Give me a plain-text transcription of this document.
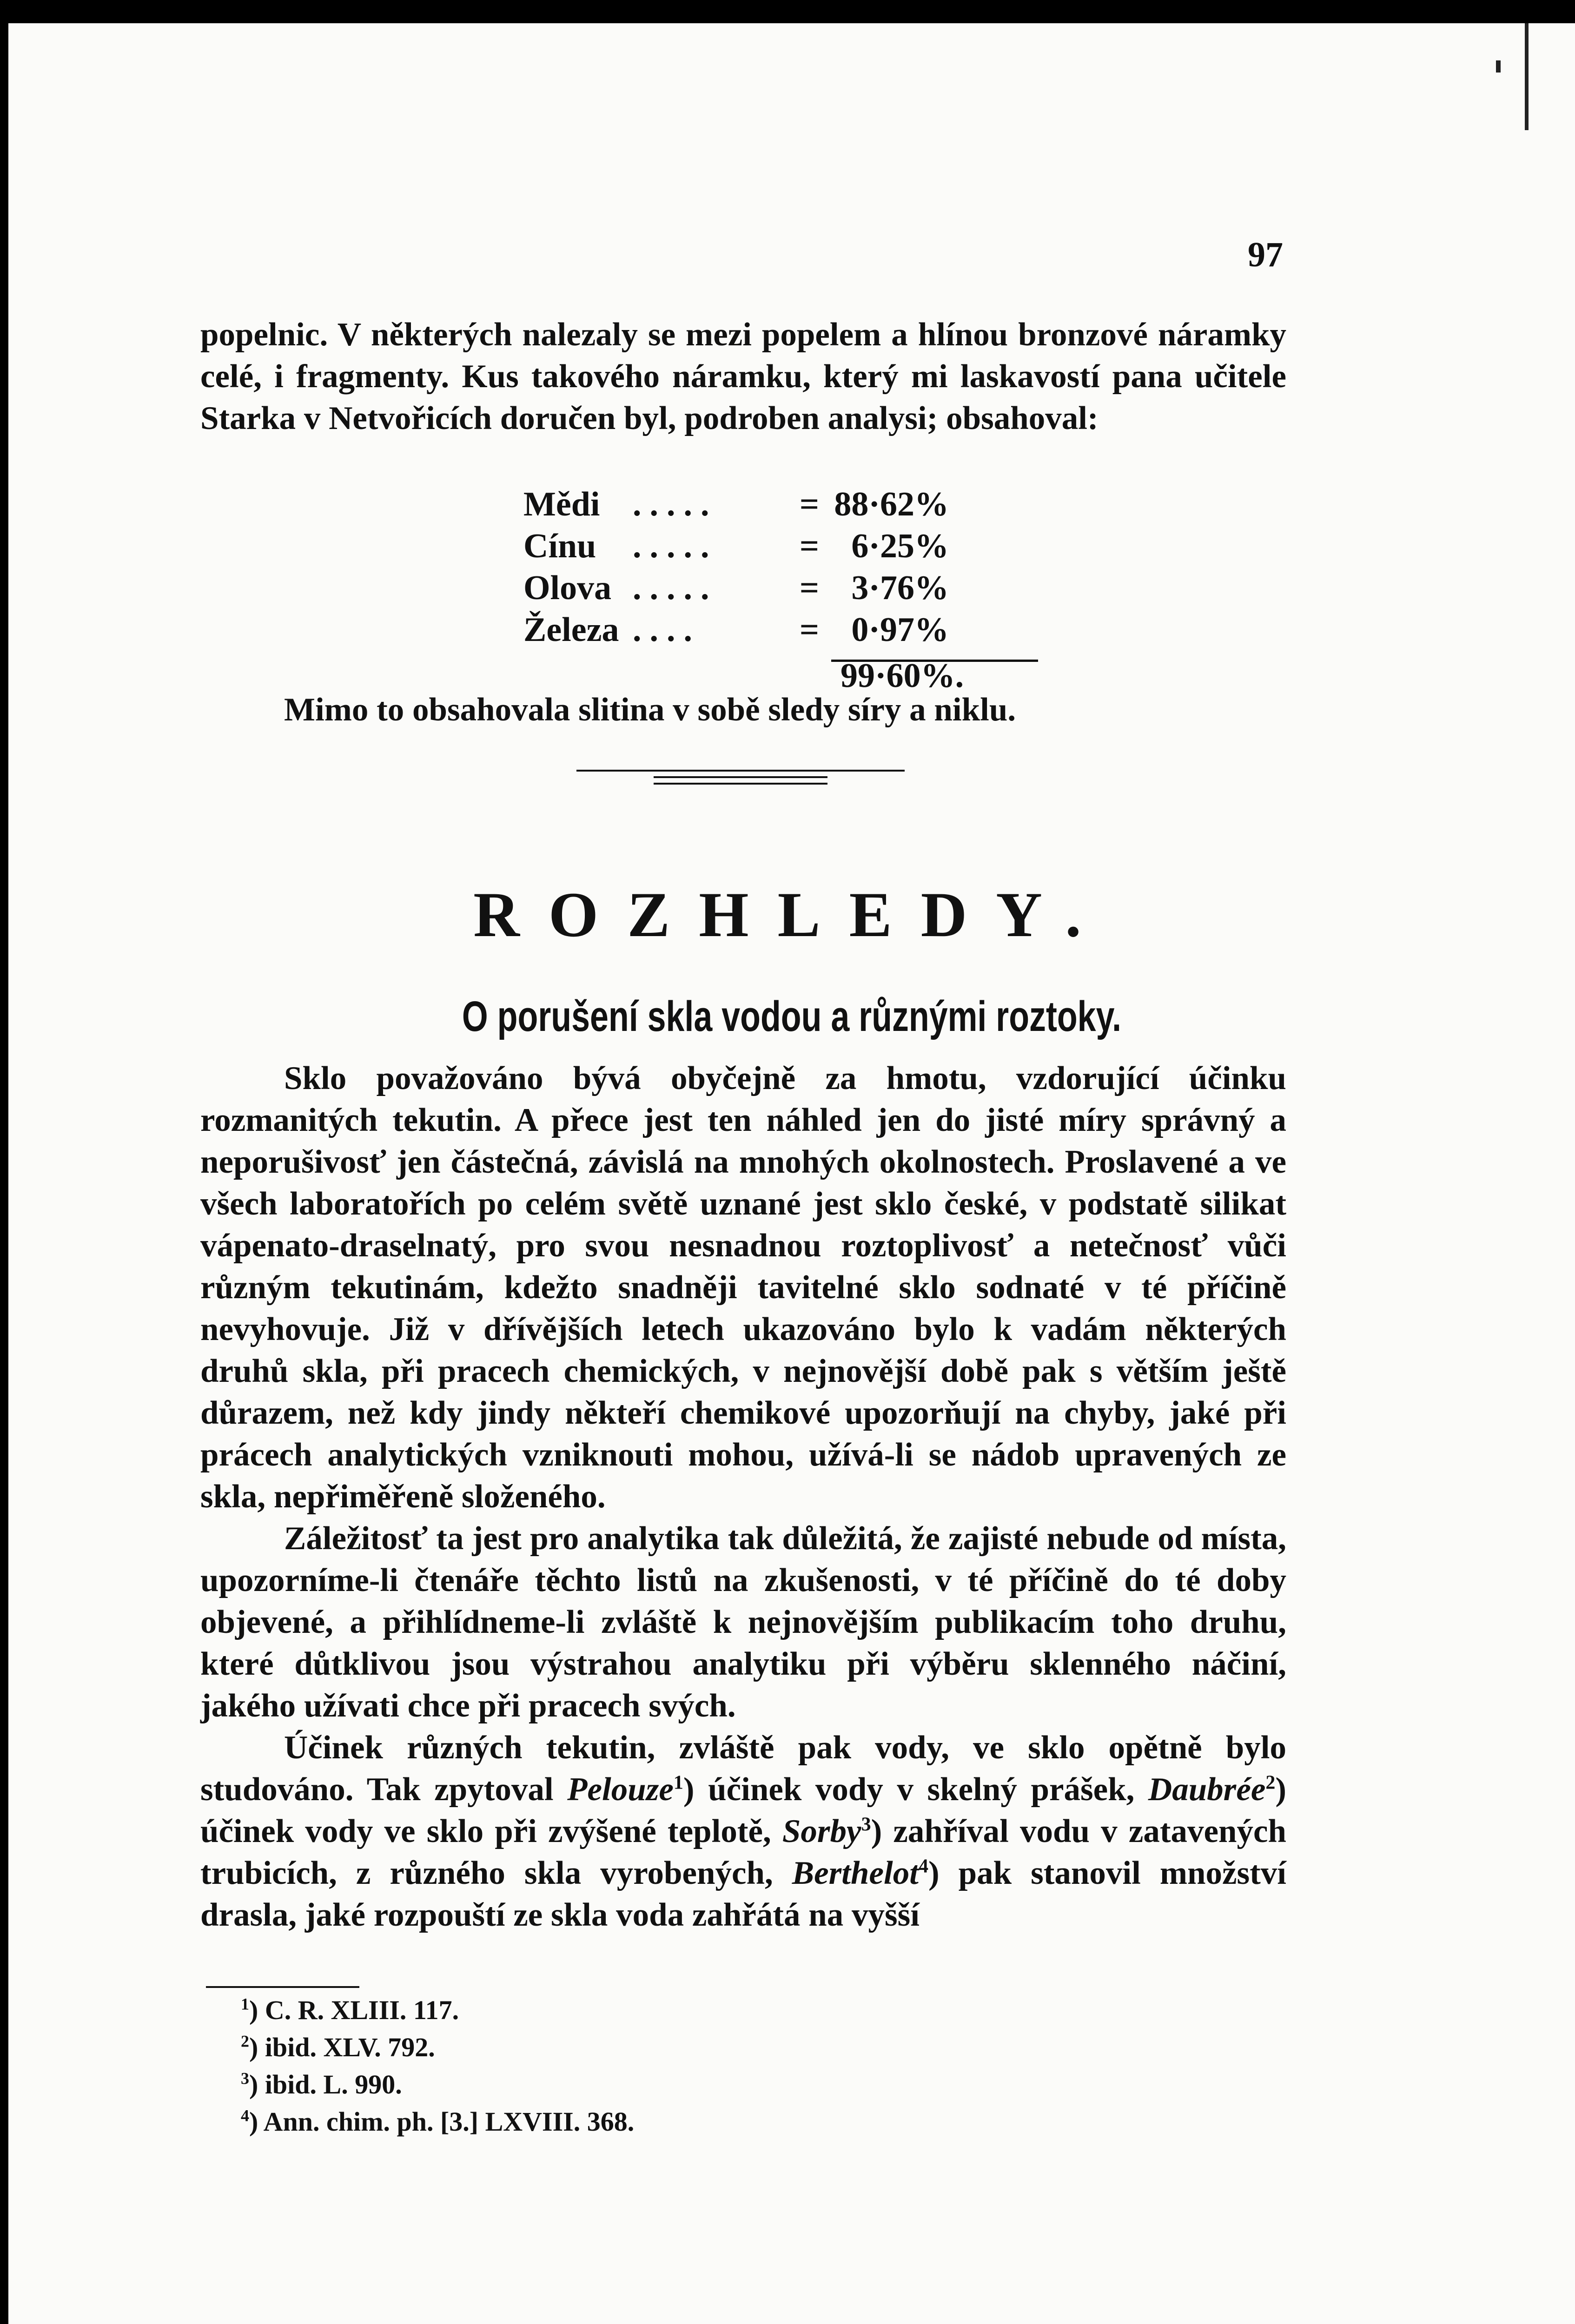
97

popelnic. V některých nalezaly se mezi popelem a hlínou bronzové náramky celé, i fragmenty. Kus takového náramku, který mi laskavostí pana učitele Starka v Netvořicích doručen byl, podroben analysi; obsahoval:

Mědi .....	= 88·62%
Cínu	.....	= 6·25%
Olova .....	= 3·76%
Železa ....	= 0·97%
99·60%.

Mimo to obsahovala slitina v sobě sledy síry a niklu.

ROZHLEDY.
O porušení skla vodou a různými roztoky.

Sklo považováno bývá obyčejně za hmotu, vzdorující účinku rozmanitých tekutin. A přece jest ten náhled jen do jisté míry správný a neporušivosť jen částečná, závislá na mnohých okolnostech. Proslavené a ve všech laboratořích po celém světě uznané jest sklo české, v podstatě silikat vápenato-draselnatý, pro svou nesnadnou roztoplivosť a netečnosť vůči různým tekutinám, kdežto snadněji tavitelné sklo sodnaté v té příčině nevyhovuje. Již v dřívějších letech ukazováno bylo k vadám některých druhů skla, při pracech chemických, v nejnovější době pak s větším ještě důrazem, než kdy jindy někteří chemikové upozorňují na chyby, jaké při prácech analytických vzniknouti mohou, užívá-li se nádob upravených ze skla, nepřiměřeně složeného.

Záležitosť ta jest pro analytika tak důležitá, že zajisté nebude od místa, upozorníme-li čtenáře těchto listů na zkušenosti, v té příčině do té doby objevené, a přihlídneme-li zvláště k nejnovějším publikacím toho druhu, které důtklivou jsou výstrahou analytiku při výběru sklenného náčiní, jakého užívati chce při pracech svých.

Účinek různých tekutin, zvláště pak vody, ve sklo opětně bylo studováno. Tak zpytoval Pelouze$^1$) účinek vody v skelný prášek, Daubrée$^2$) účinek vody ve sklo při zvýšené teplotě, Sorby$^3$) zahříval vodu v zatavených trubicích, z různého skla vyrobených, Berthelot$^4$) pak stanovil množství drasla, jaké rozpouští ze skla voda zahřátá na vyšší

$^1$) C. R. XLIII. 117.
$^2$) ibid. XLV. 792.
$^3$) ibid. L. 990.
$^4$) Ann. chim. ph. [3.] LXVIII. 368.
